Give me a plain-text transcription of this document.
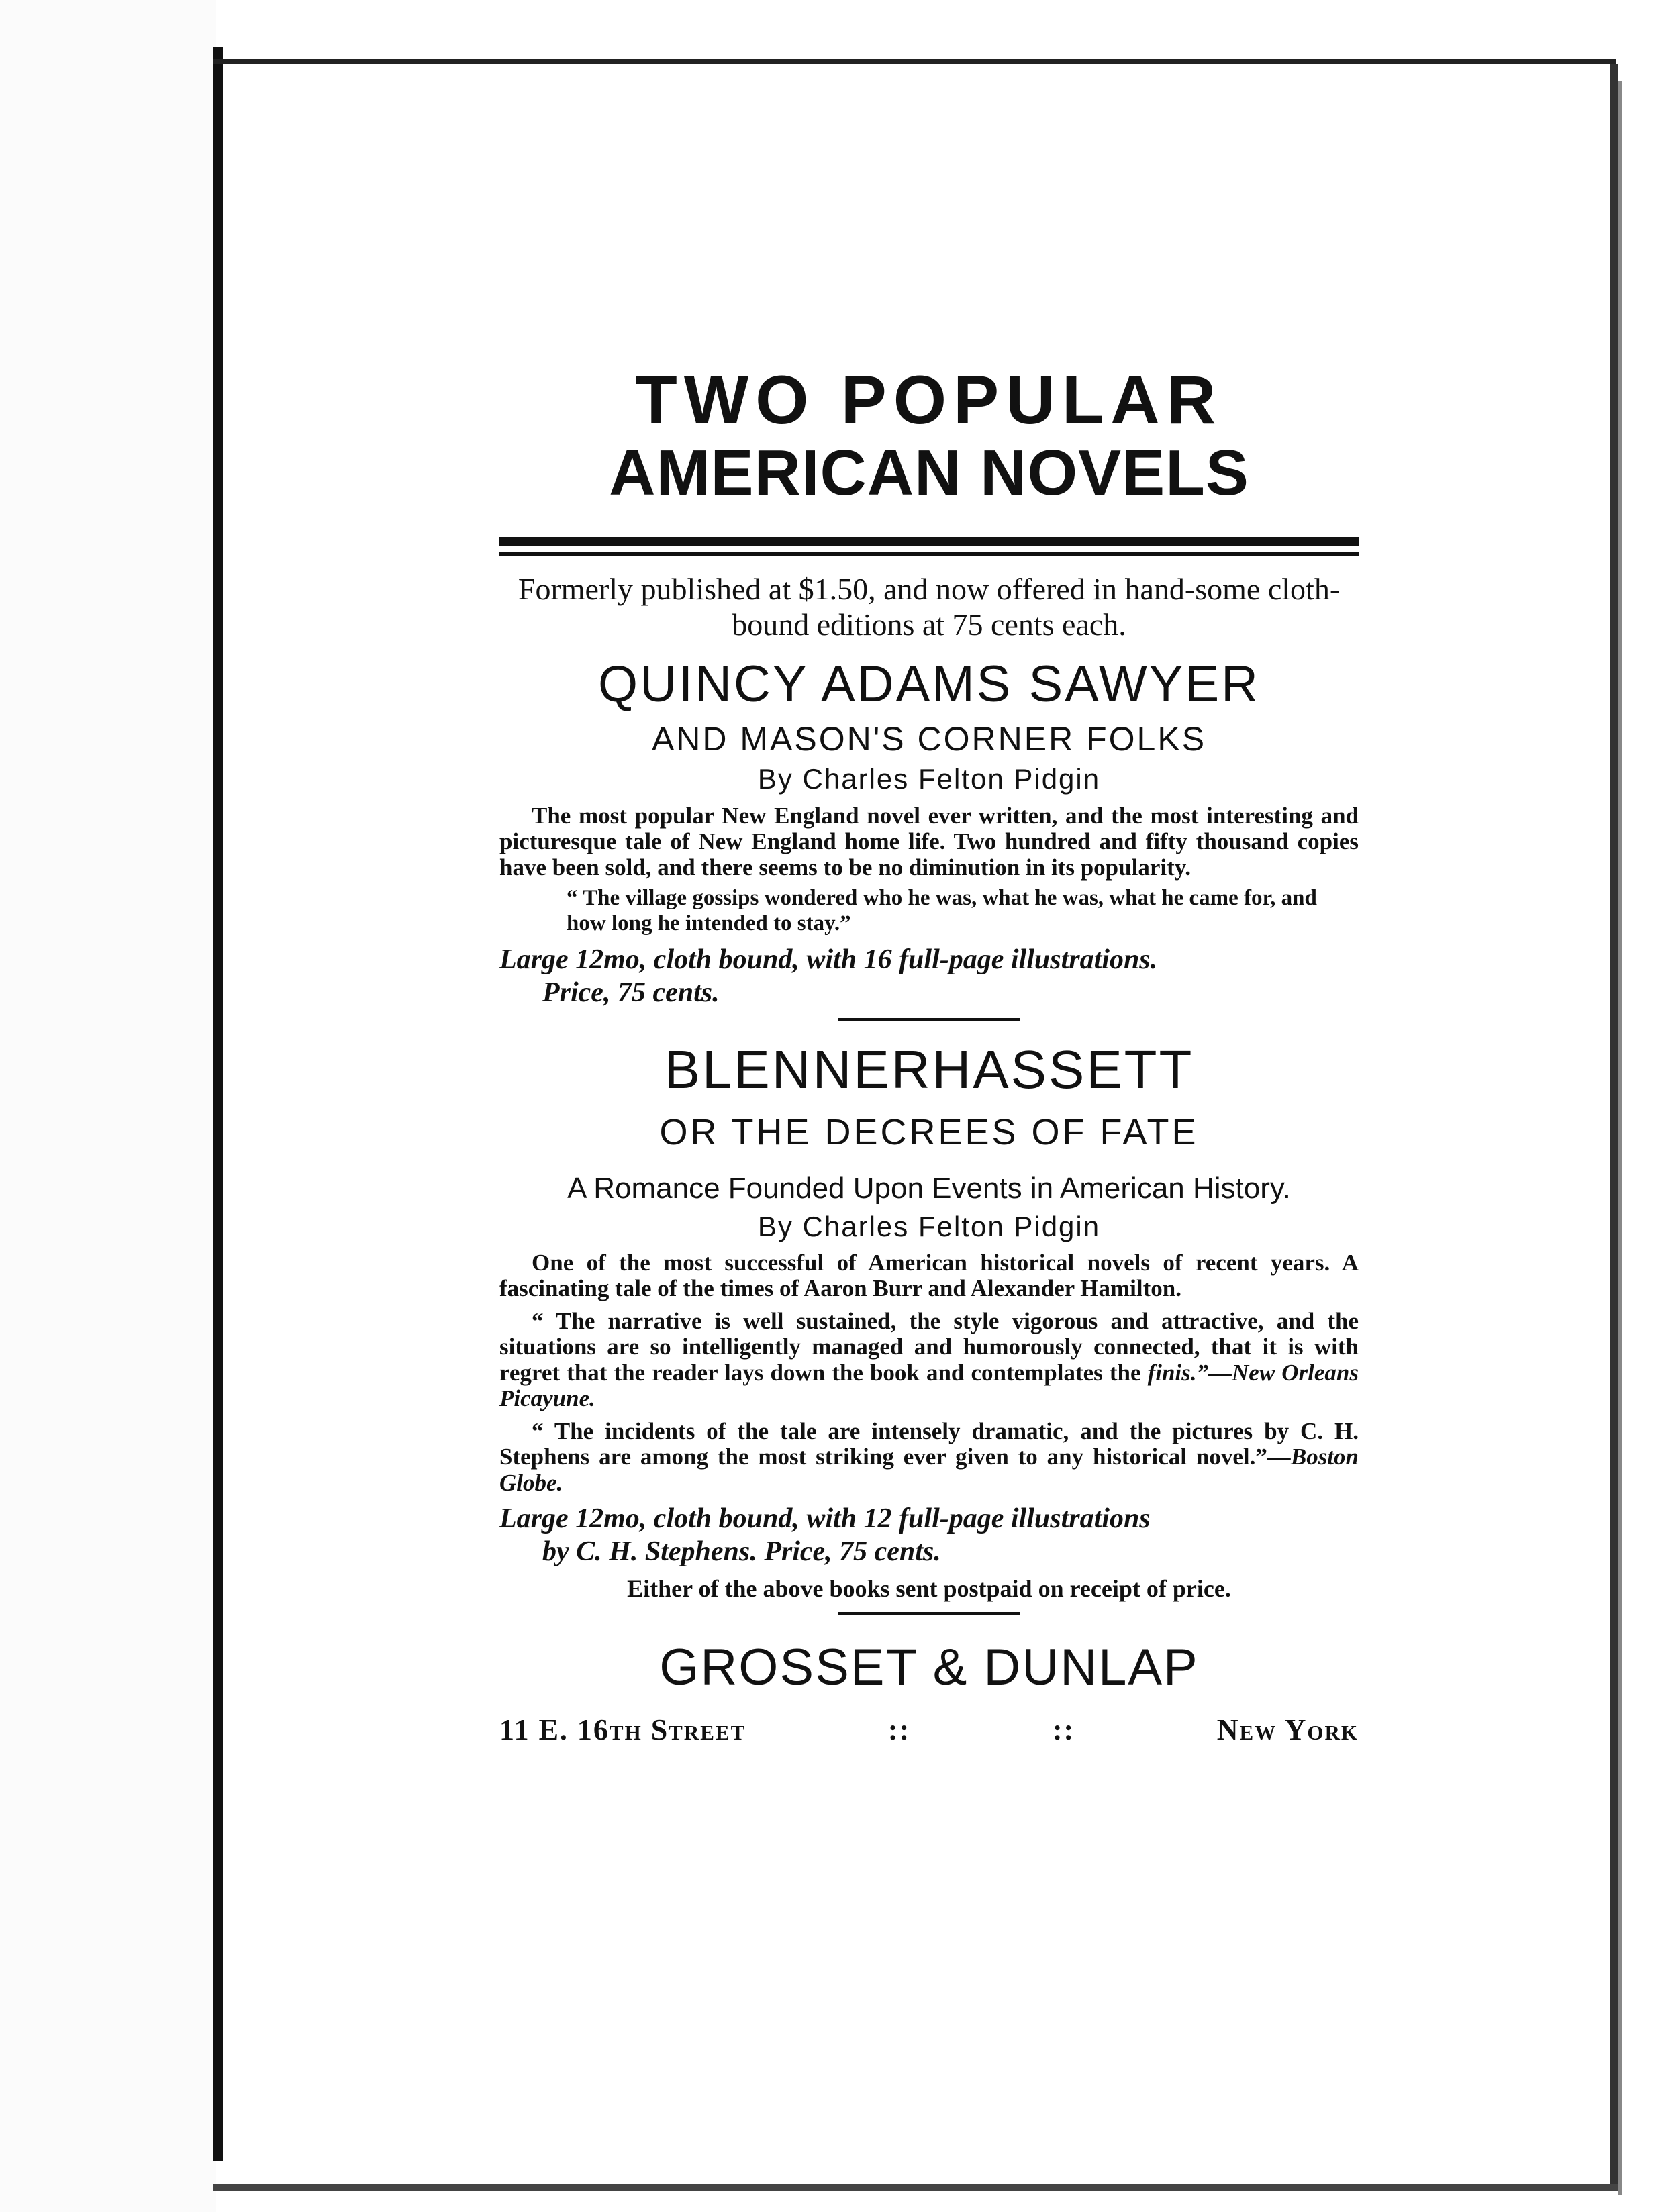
TWO POPULAR
AMERICAN NOVELS

Formerly published at $1.50, and now offered in hand-some cloth-bound editions at 75 cents each.

QUINCY ADAMS SAWYER
AND MASON'S CORNER FOLKS
By Charles Felton Pidgin

The most popular New England novel ever written, and the most interesting and picturesque tale of New England home life. Two hundred and fifty thousand copies have been sold, and there seems to be no diminution in its popularity.

“ The village gossips wondered who he was, what he was, what he came for, and how long he intended to stay.”

Large 12mo, cloth bound, with 16 full-page illustrations.
Price, 75 cents.

BLENNERHASSETT
OR THE DECREES OF FATE
A Romance Founded Upon Events in American History.
By Charles Felton Pidgin

One of the most successful of American historical novels of recent years. A fascinating tale of the times of Aaron Burr and Alexander Hamilton.

“ The narrative is well sustained, the style vigorous and attractive, and the situations are so intelligently managed and humorously connected, that it is with regret that the reader lays down the book and contemplates the finis.”—New Orleans Picayune.

“ The incidents of the tale are intensely dramatic, and the pictures by C. H. Stephens are among the most striking ever given to any historical novel.”—Boston Globe.

Large 12mo, cloth bound, with 12 full-page illustrations
by C. H. Stephens. Price, 75 cents.

Either of the above books sent postpaid on receipt of price.

GROSSET & DUNLAP
11 E. 16th Street	::	::	New York
